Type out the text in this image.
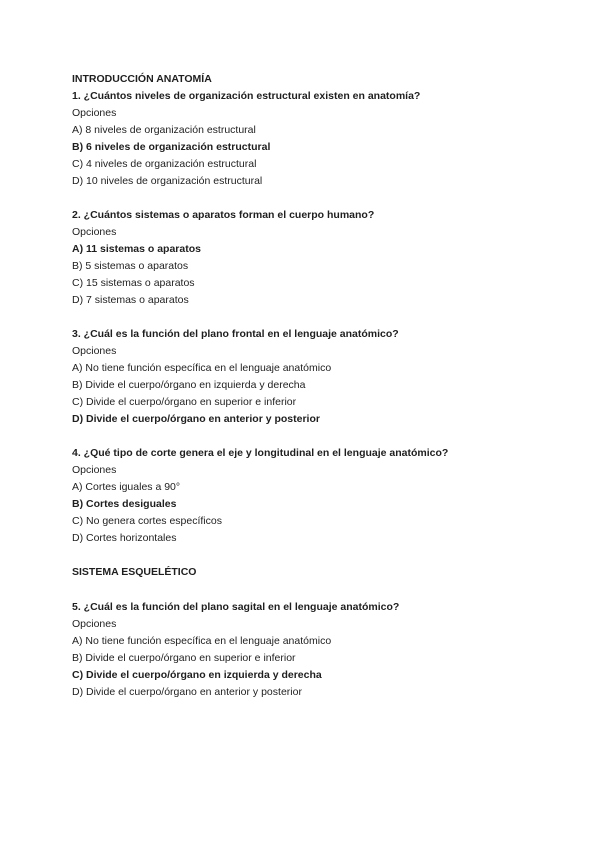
INTRODUCCIÓN ANATOMÍA
1. ¿Cuántos niveles de organización estructural existen en anatomía?
Opciones
A) 8 niveles de organización estructural
B) 6 niveles de organización estructural
C) 4 niveles de organización estructural
D) 10 niveles de organización estructural
2. ¿Cuántos sistemas o aparatos forman el cuerpo humano?
Opciones
A) 11 sistemas o aparatos
B) 5 sistemas o aparatos
C) 15 sistemas o aparatos
D) 7 sistemas o aparatos
3. ¿Cuál es la función del plano frontal en el lenguaje anatómico?
Opciones
A) No tiene función específica en el lenguaje anatómico
B) Divide el cuerpo/órgano en izquierda y derecha
C) Divide el cuerpo/órgano en superior e inferior
D) Divide el cuerpo/órgano en anterior y posterior
4. ¿Qué tipo de corte genera el eje y longitudinal en el lenguaje anatómico?
Opciones
A) Cortes iguales a 90°
B) Cortes desiguales
C) No genera cortes específicos
D) Cortes horizontales
SISTEMA ESQUELÉTICO
5. ¿Cuál es la función del plano sagital en el lenguaje anatómico?
Opciones
A) No tiene función específica en el lenguaje anatómico
B) Divide el cuerpo/órgano en superior e inferior
C) Divide el cuerpo/órgano en izquierda y derecha
D) Divide el cuerpo/órgano en anterior y posterior
